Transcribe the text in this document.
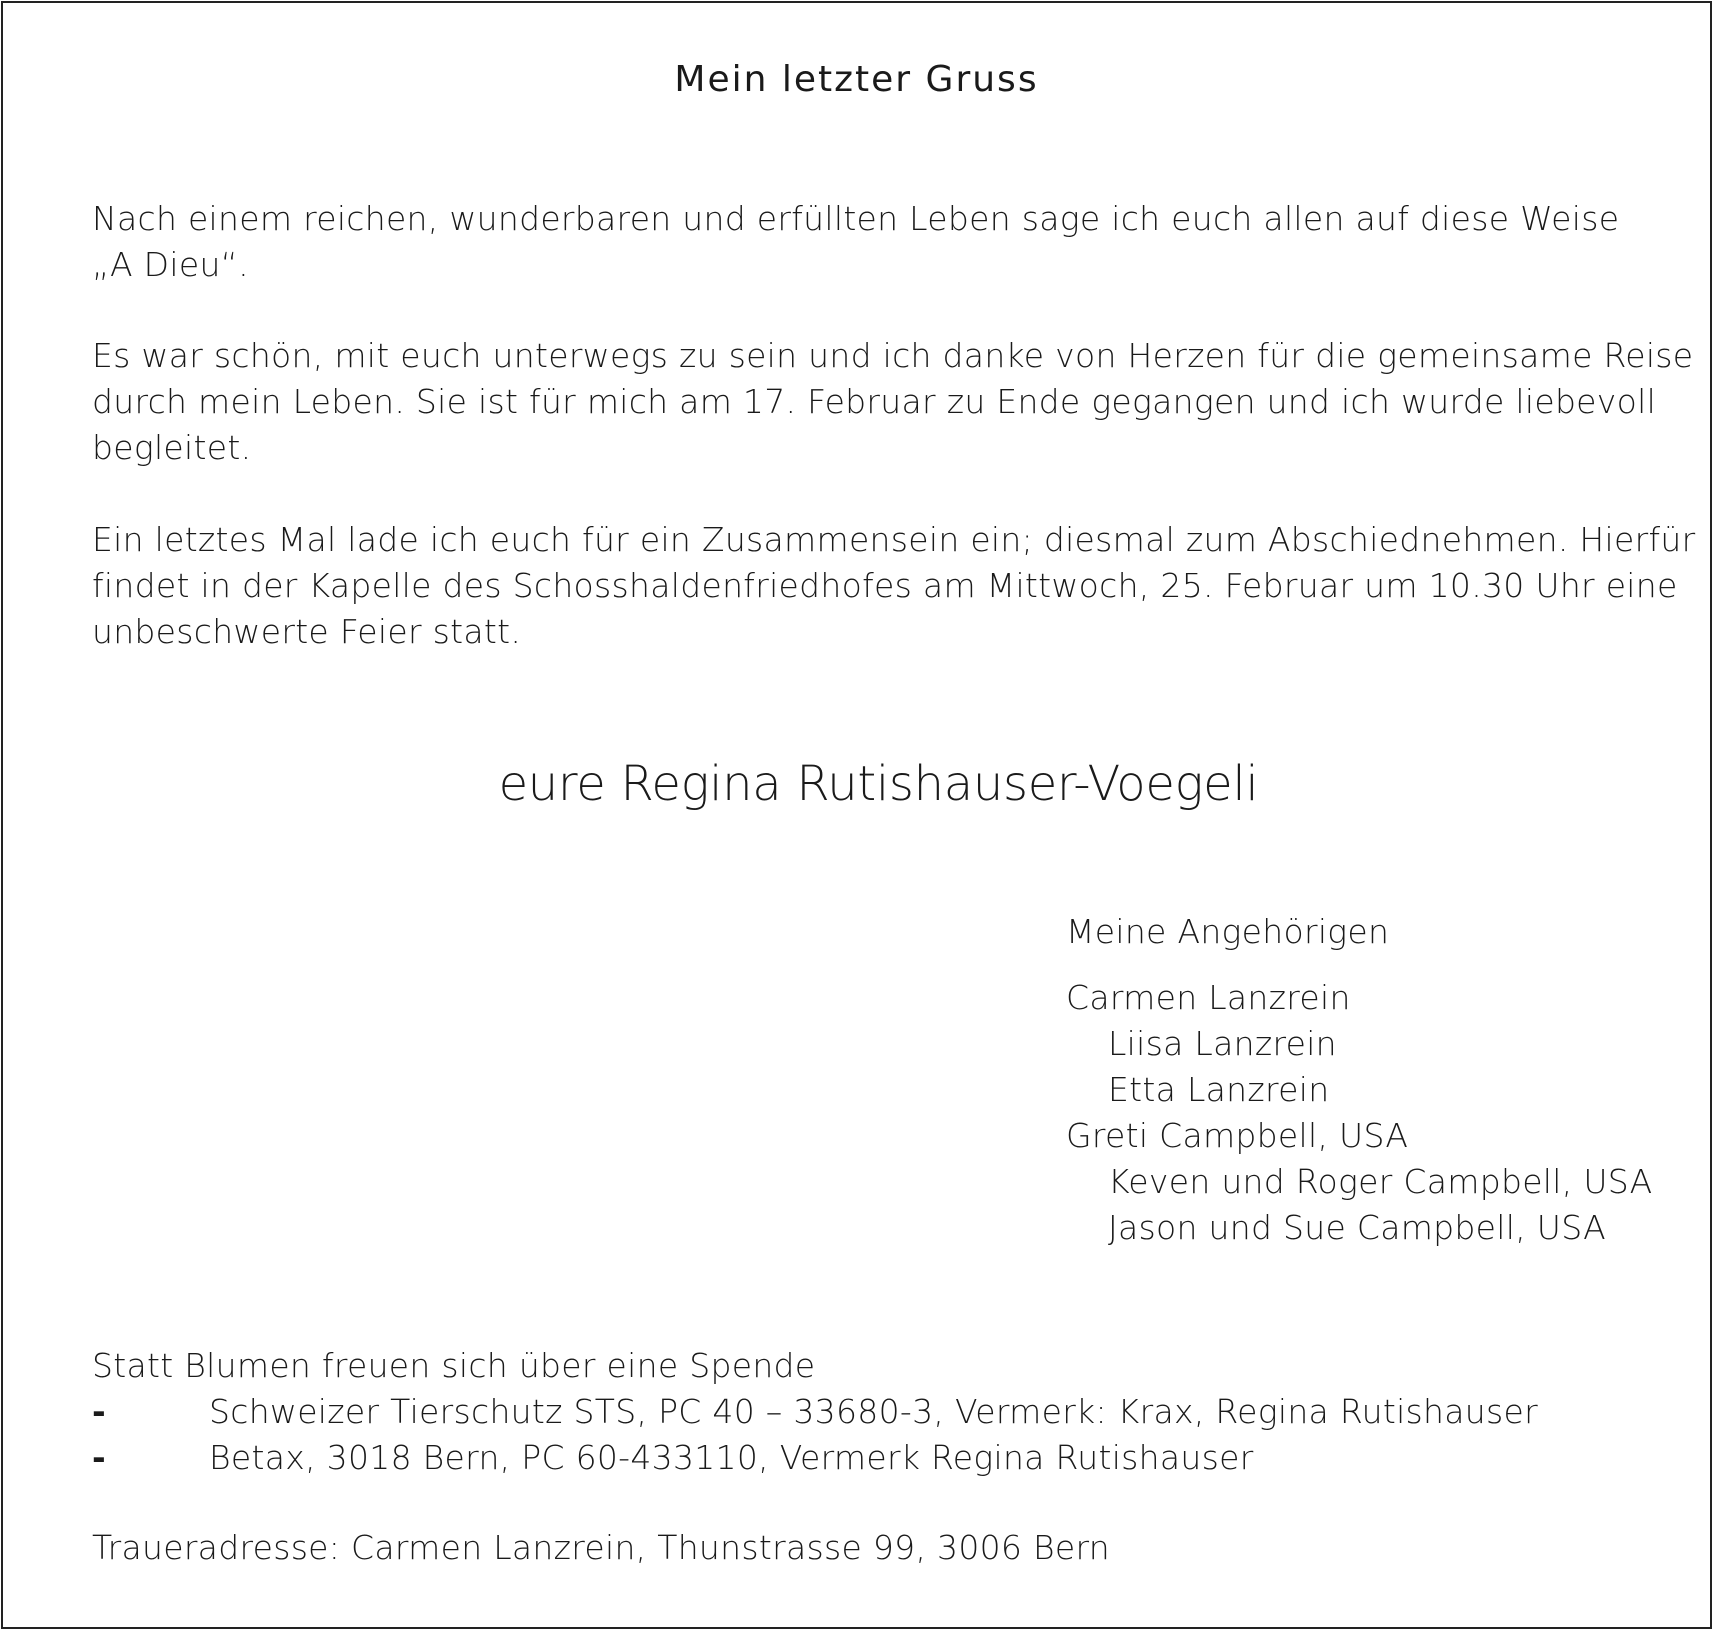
Mein letzter Gruss
Nach einem reichen, wunderbaren und erfüllten Leben sage ich euch allen auf diese Weise
„A Dieu“.
Es war schön, mit euch unterwegs zu sein und ich danke von Herzen für die gemeinsame Reise
durch mein Leben. Sie ist für mich am 17. Februar zu Ende gegangen und ich wurde liebevoll
begleitet.
Ein letztes Mal lade ich euch für ein Zusammensein ein; diesmal zum Abschiednehmen. Hierfür
findet in der Kapelle des Schosshaldenfriedhofes am Mittwoch, 25. Februar um 10.30 Uhr eine
unbeschwerte Feier statt.
eure Regina Rutishauser-Voegeli
Meine Angehörigen
Carmen Lanzrein
Liisa Lanzrein
Etta Lanzrein
Greti Campbell, USA
Keven und Roger Campbell, USA
Jason und Sue Campbell, USA
Statt Blumen freuen sich über eine Spende
-	Schweizer Tierschutz STS, PC 40 – 33680-3, Vermerk: Krax, Regina Rutishauser
-	Betax, 3018 Bern, PC 60-433110, Vermerk Regina Rutishauser
Traueradresse: Carmen Lanzrein, Thunstrasse 99, 3006 Bern
